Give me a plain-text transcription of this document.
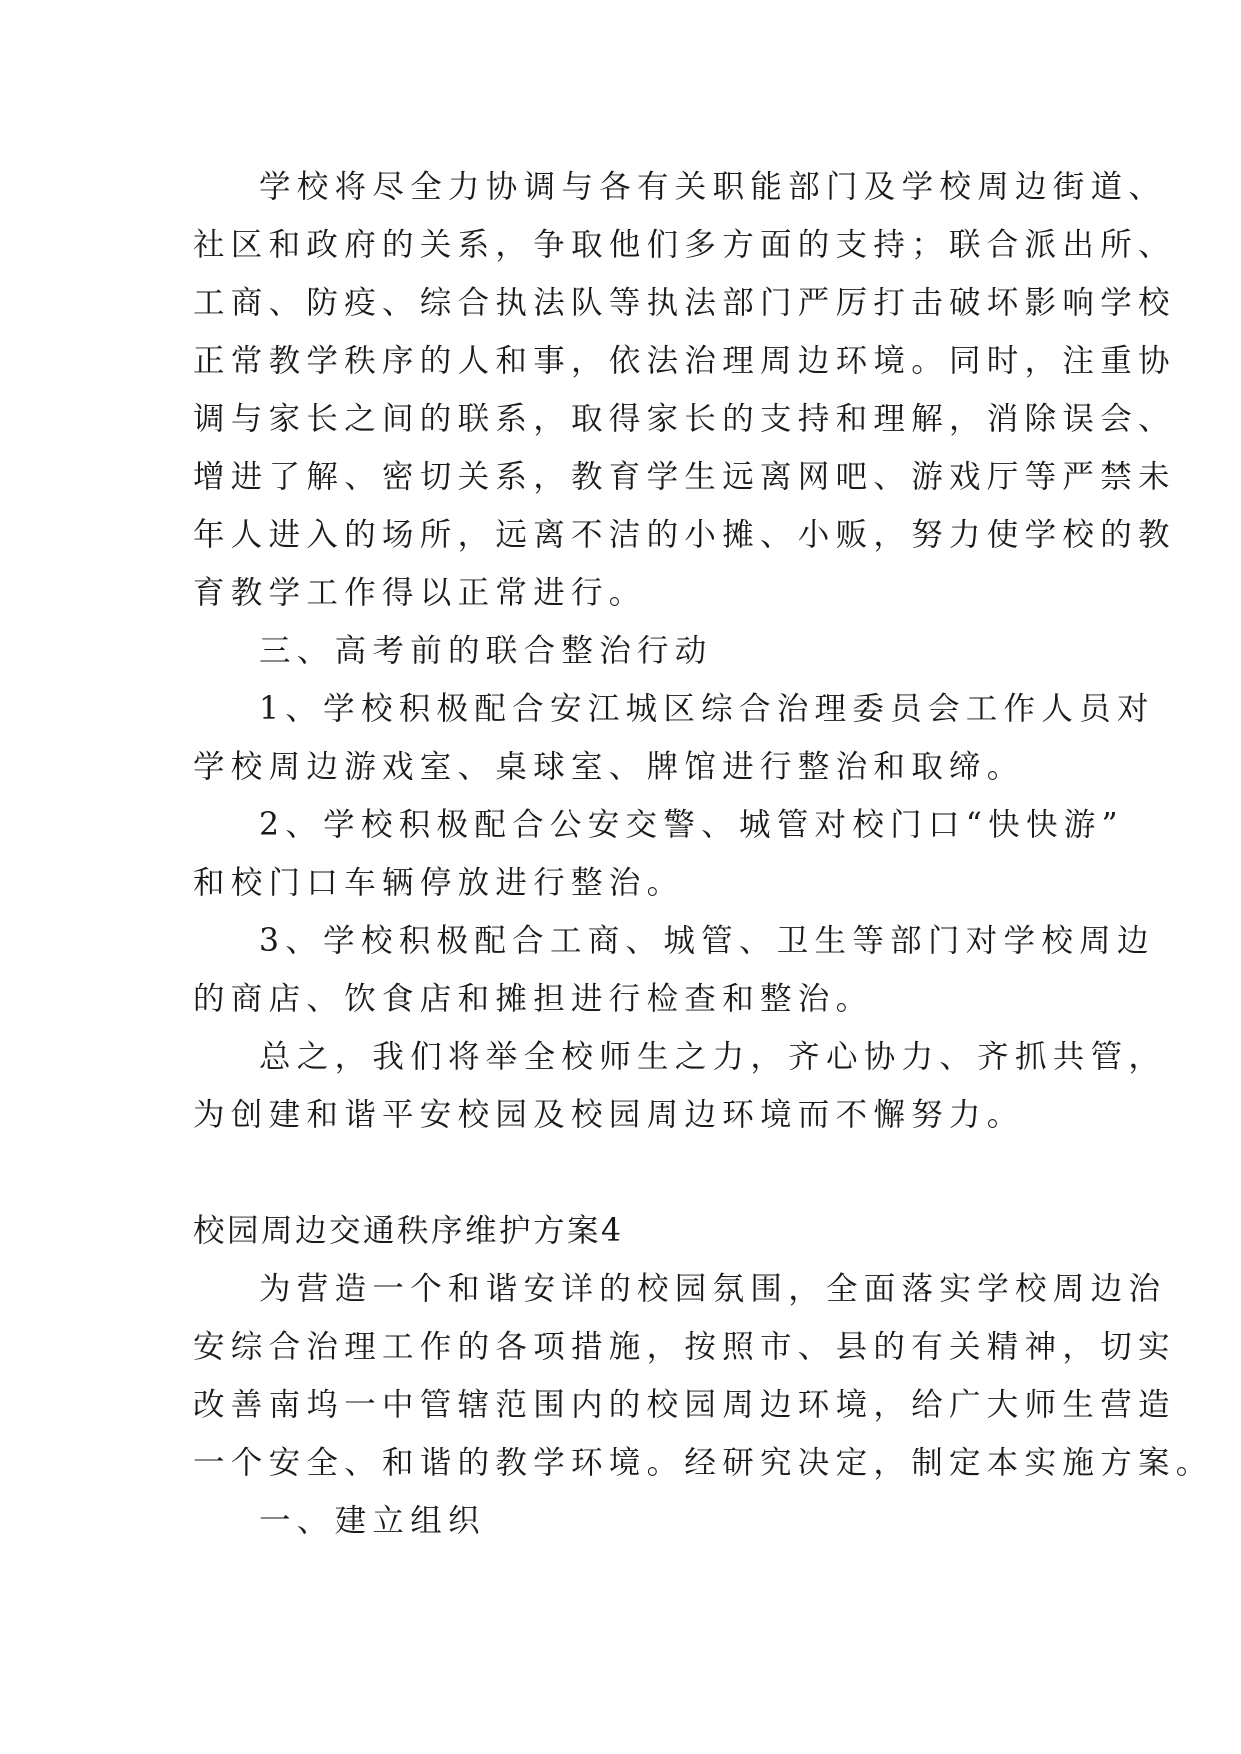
学校将尽全力协调与各有关职能部门及学校周边街道、
社区和政府的关系，争取他们多方面的支持；联合派出所、
工商、防疫、综合执法队等执法部门严厉打击破坏影响学校
正常教学秩序的人和事，依法治理周边环境。同时，注重协
调与家长之间的联系，取得家长的支持和理解，消除误会、
增进了解、密切关系，教育学生远离网吧、游戏厅等严禁未
年人进入的场所，远离不洁的小摊、小贩，努力使学校的教
育教学工作得以正常进行。
三、高考前的联合整治行动
1、学校积极配合安江城区综合治理委员会工作人员对
学校周边游戏室、桌球室、牌馆进行整治和取缔。
2、学校积极配合公安交警、城管对校门口“快快游”
和校门口车辆停放进行整治。
3、学校积极配合工商、城管、卫生等部门对学校周边
的商店、饮食店和摊担进行检查和整治。
总之，我们将举全校师生之力，齐心协力、齐抓共管，
为创建和谐平安校园及校园周边环境而不懈努力。
校园周边交通秩序维护方案4
为营造一个和谐安详的校园氛围，全面落实学校周边治
安综合治理工作的各项措施，按照市、县的有关精神，切实
改善南坞一中管辖范围内的校园周边环境，给广大师生营造
一个安全、和谐的教学环境。经研究决定，制定本实施方案。
一、建立组织
